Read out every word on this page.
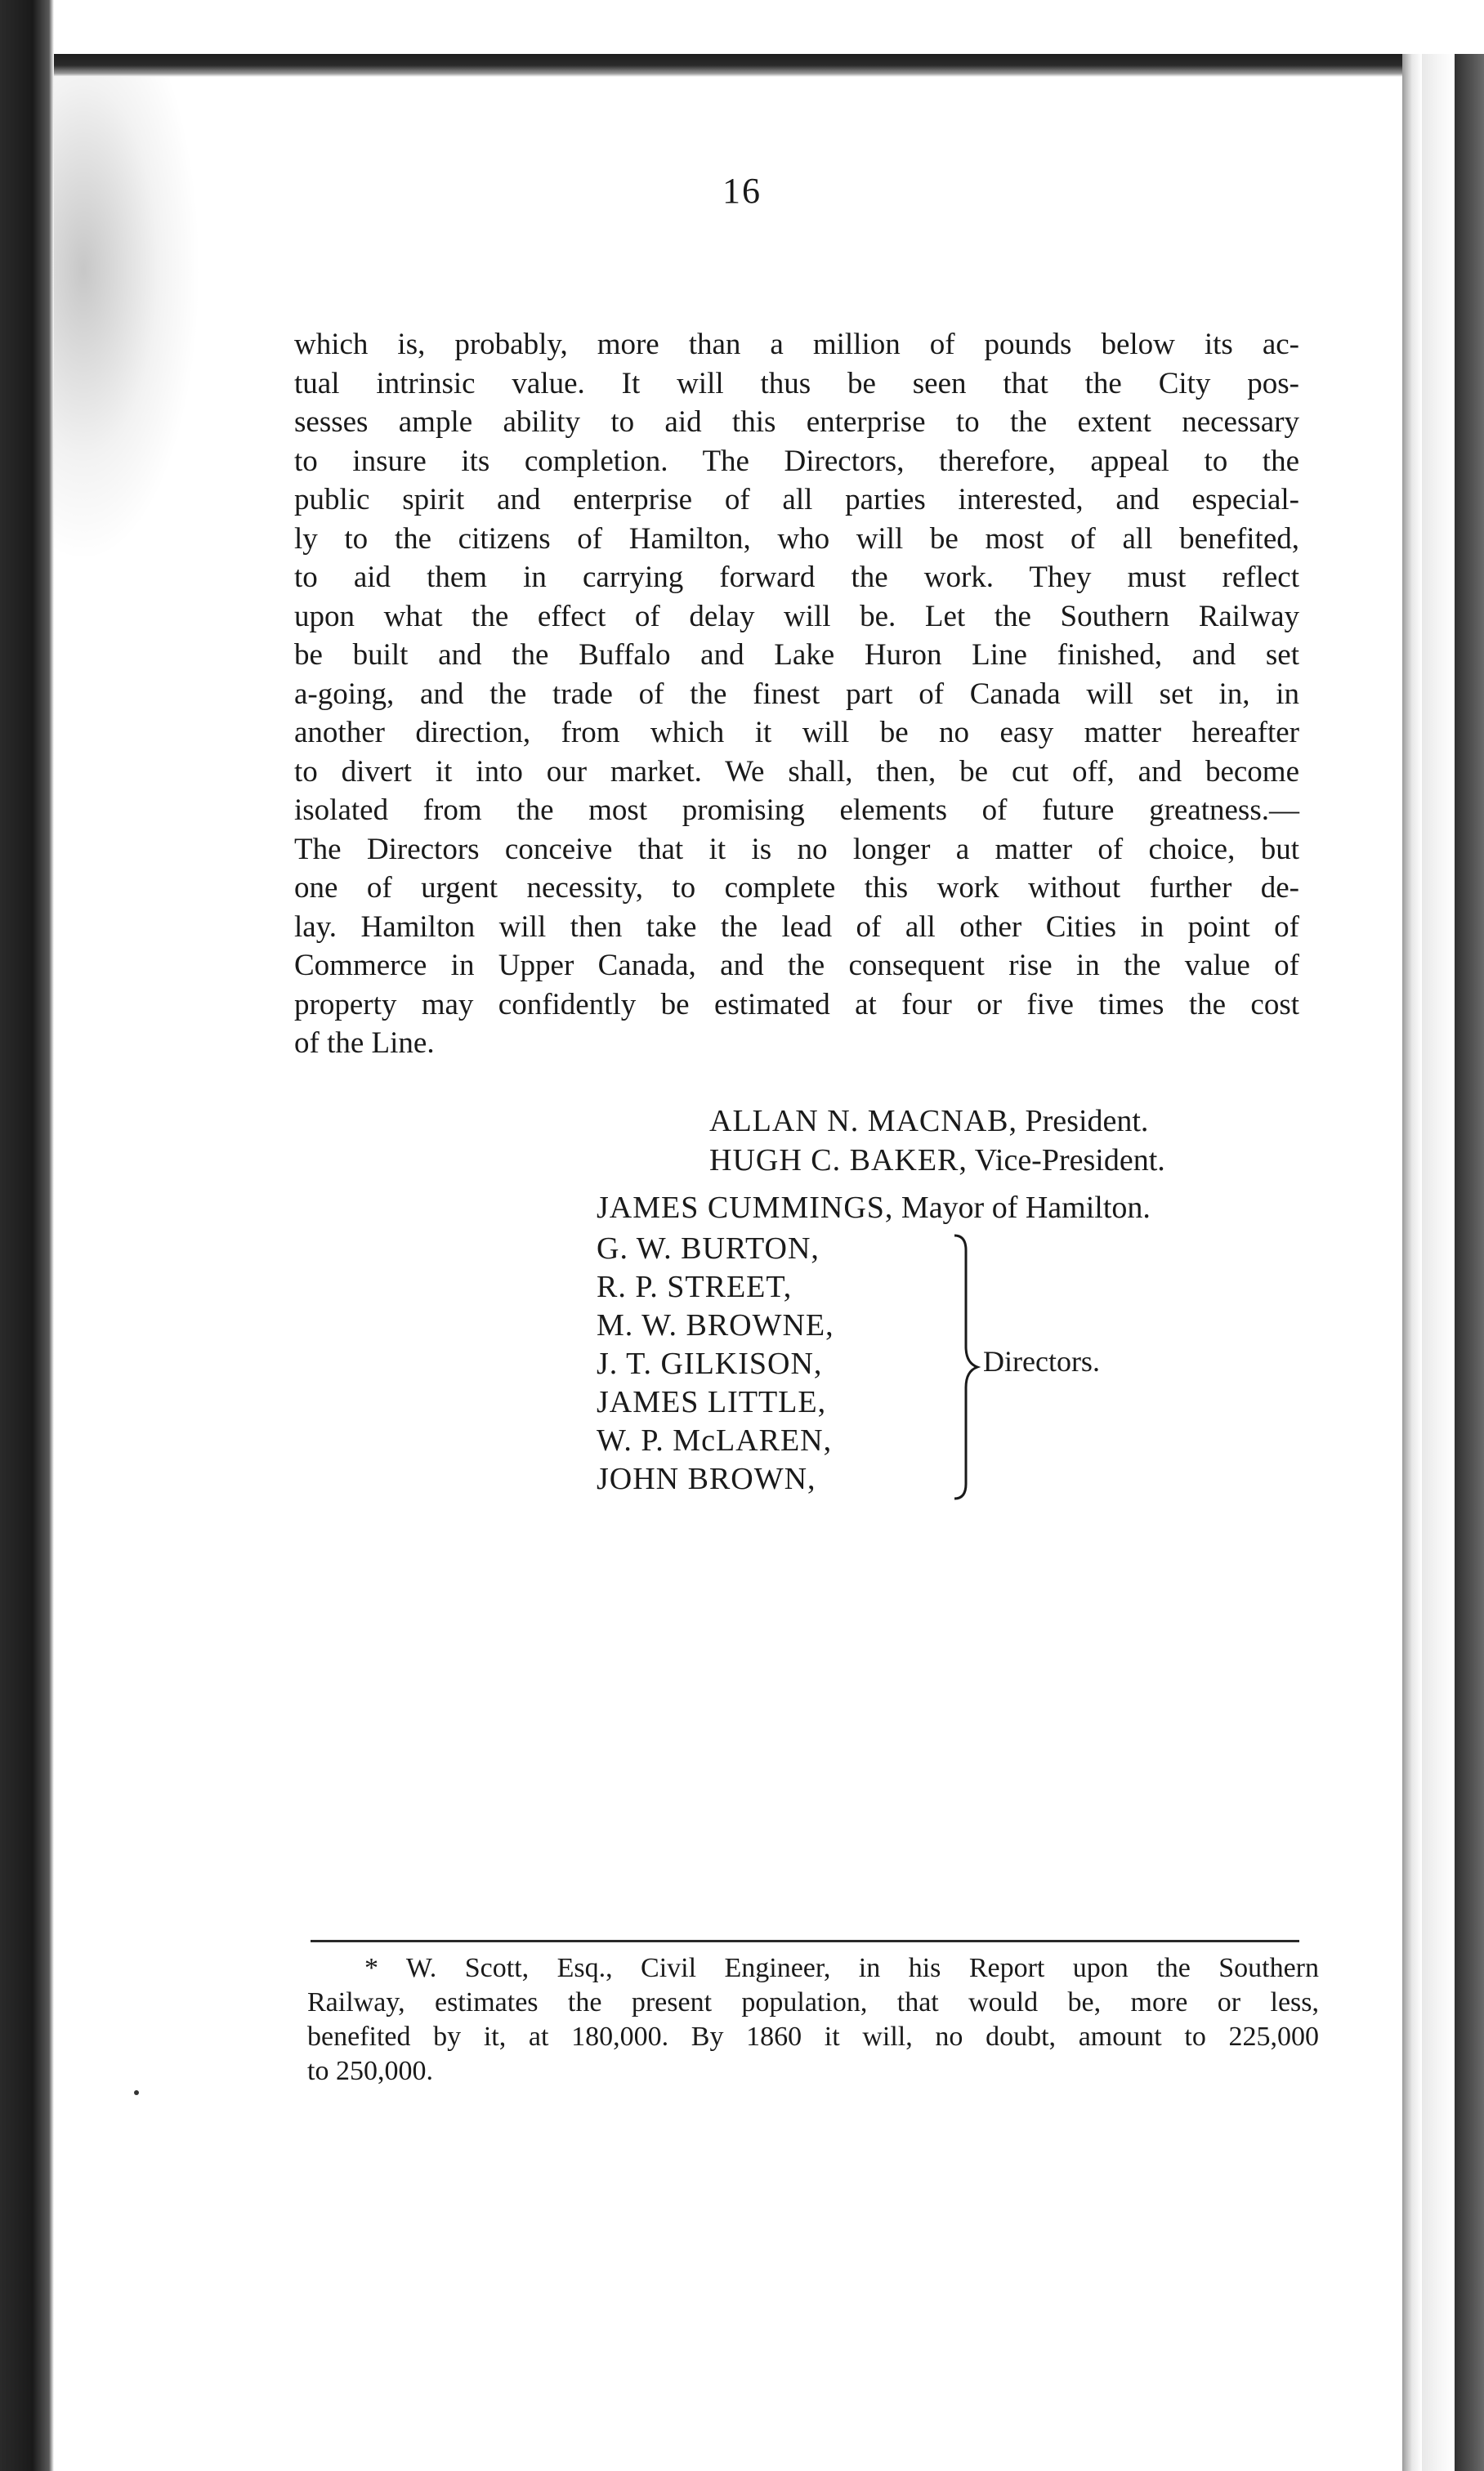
16
which is, probably, more than a million of pounds below its ac-
tual intrinsic value. It will thus be seen that the City pos-
sesses ample ability to aid this enterprise to the extent necessary
to insure its completion. The Directors, therefore, appeal to the
public spirit and enterprise of all parties interested, and especial-
ly to the citizens of Hamilton, who will be most of all benefited,
to aid them in carrying forward the work. They must reflect
upon what the effect of delay will be. Let the Southern Railway
be built and the Buffalo and Lake Huron Line finished, and set
a-going, and the trade of the finest part of Canada will set in, in
another direction, from which it will be no easy matter hereafter
to divert it into our market. We shall, then, be cut off, and become
isolated from the most promising elements of future greatness.—
The Directors conceive that it is no longer a matter of choice, but
one of urgent necessity, to complete this work without further de-
lay. Hamilton will then take the lead of all other Cities in point of
Commerce in Upper Canada, and the consequent rise in the value of
property may confidently be estimated at four or five times the cost
of the Line.
ALLAN N. MACNAB, President.
HUGH C. BAKER, Vice-President.
JAMES CUMMINGS, Mayor of Hamilton.
G. W. BURTON,
R. P. STREET,
M. W. BROWNE,
J. T. GILKISON,
JAMES LITTLE,
W. P. McLAREN,
JOHN BROWN,
Directors.
* W. Scott, Esq., Civil Engineer, in his Report upon the Southern
Railway, estimates the present population, that would be, more or less,
benefited by it, at 180,000. By 1860 it will, no doubt, amount to 225,000
to 250,000.
